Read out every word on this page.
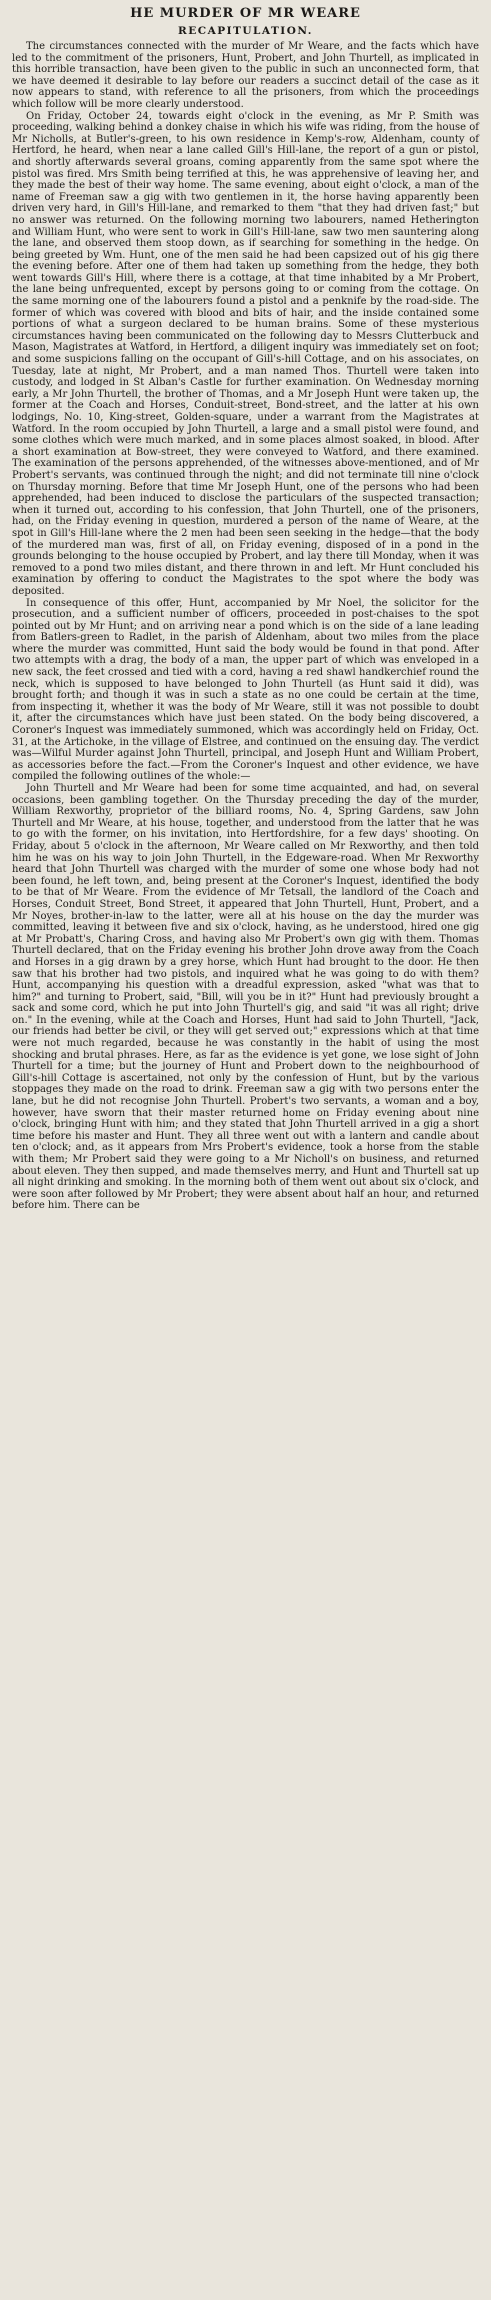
HE MURDER OF MR WEARE
RECAPITULATION.

The circumstances connected with the murder of Mr Weare, and the facts which have led to the commitment of the prisoners, Hunt, Probert, and John Thurtell, as implicated in this horrible transaction, have been given to the public in such an unconnected form, that we have deemed it desirable to lay before our readers a succinct detail of the case as it now appears to stand, with reference to all the prisoners, from which the proceedings which follow will be more clearly understood.

On Friday, October 24, towards eight o'clock in the evening, as Mr P. Smith was proceeding, walking behind a donkey chaise in which his wife was riding, from the house of Mr Nicholls, at Butler's-green, to his own residence in Kemp's-row, Aldenham, county of Hertford, he heard, when near a lane called Gill's Hill-lane, the report of a gun or pistol, and shortly afterwards several groans, coming apparently from the same spot where the pistol was fired. Mrs Smith being terrified at this, he was apprehensive of leaving her, and they made the best of their way home. The same evening, about eight o'clock, a man of the name of Freeman saw a gig with two gentlemen in it, the horse having apparently been driven very hard, in Gill's Hill-lane, and remarked to them "that they had driven fast;" but no answer was returned. On the following morning two labourers, named Hetherington and William Hunt, who were sent to work in Gill's Hill-lane, saw two men sauntering along the lane, and observed them stoop down, as if searching for something in the hedge. On being greeted by Wm. Hunt, one of the men said he had been capsized out of his gig there the evening before. After one of them had taken up something from the hedge, they both went towards Gill's Hill, where there is a cottage, at that time inhabited by a Mr Probert, the lane being unfrequented, except by persons going to or coming from the cottage. On the same morning one of the labourers found a pistol and a penknife by the road-side. The former of which was covered with blood and bits of hair, and the inside contained some portions of what a surgeon declared to be human brains. Some of these mysterious circumstances having been communicated on the following day to Messrs Clutterbuck and Mason, Magistrates at Watford, in Hertford, a diligent inquiry was immediately set on foot; and some suspicions falling on the occupant of Gill's-hill Cottage, and on his associates, on Tuesday, late at night, Mr Probert, and a man named Thos. Thurtell were taken into custody, and lodged in St Alban's Castle for further examination. On Wednesday morning early, a Mr John Thurtell, the brother of Thomas, and a Mr Joseph Hunt were taken up, the former at the Coach and Horses, Conduit-street, Bond-street, and the latter at his own lodgings, No. 10, King-street, Golden-square, under a warrant from the Magistrates at Watford. In the room occupied by John Thurtell, a large and a small pistol were found, and some clothes which were much marked, and in some places almost soaked, in blood. After a short examination at Bow-street, they were conveyed to Watford, and there examined. The examination of the persons apprehended, of the witnesses above-mentioned, and of Mr Probert's servants, was continued through the night; and did not terminate till nine o'clock on Thursday morning. Before that time Mr Joseph Hunt, one of the persons who had been apprehended, had been induced to disclose the particulars of the suspected transaction; when it turned out, according to his confession, that John Thurtell, one of the prisoners, had, on the Friday evening in question, murdered a person of the name of Weare, at the spot in Gill's Hill-lane where the 2 men had been seen seeking in the hedge—that the body of the murdered man was, first of all, on Friday evening, disposed of in a pond in the grounds belonging to the house occupied by Probert, and lay there till Monday, when it was removed to a pond two miles distant, and there thrown in and left. Mr Hunt concluded his examination by offering to conduct the Magistrates to the spot where the body was deposited.

In consequence of this offer, Hunt, accompanied by Mr Noel, the solicitor for the prosecution, and a sufficient number of officers, proceeded in post-chaises to the spot pointed out by Mr Hunt; and on arriving near a pond which is on the side of a lane leading from Batlers-green to Radlet, in the parish of Aldenham, about two miles from the place where the murder was committed, Hunt said the body would be found in that pond. After two attempts with a drag, the body of a man, the upper part of which was enveloped in a new sack, the feet crossed and tied with a cord, having a red shawl handkerchief round the neck, which is supposed to have belonged to John Thurtell (as Hunt said it did), was brought forth; and though it was in such a state as no one could be certain at the time, from inspecting it, whether it was the body of Mr Weare, still it was not possible to doubt it, after the circumstances which have just been stated. On the body being discovered, a Coroner's Inquest was immediately summoned, which was accordingly held on Friday, Oct. 31, at the Artichoke, in the village of Elstree, and continued on the ensuing day. The verdict was—Wilful Murder against John Thurtell, principal, and Joseph Hunt and William Probert, as accessories before the fact.—From the Coroner's Inquest and other evidence, we have compiled the following outlines of the whole:—

John Thurtell and Mr Weare had been for some time acquainted, and had, on several occasions, been gambling together. On the Thursday preceding the day of the murder, William Rexworthy, proprietor of the billiard rooms, No. 4, Spring Gardens, saw John Thurtell and Mr Weare, at his house, together, and understood from the latter that he was to go with the former, on his invitation, into Hertfordshire, for a few days' shooting. On Friday, about 5 o'clock in the afternoon, Mr Weare called on Mr Rexworthy, and then told him he was on his way to join John Thurtell, in the Edgeware-road. When Mr Rexworthy heard that John Thurtell was charged with the murder of some one whose body had not been found, he left town, and, being present at the Coroner's Inquest, identified the body to be that of Mr Weare. From the evidence of Mr Tetsall, the landlord of the Coach and Horses, Conduit Street, Bond Street, it appeared that John Thurtell, Hunt, Probert, and a Mr Noyes, brother-in-law to the latter, were all at his house on the day the murder was committed, leaving it between five and six o'clock, having, as he understood, hired one gig at Mr Probatt's, Charing Cross, and having also Mr Probert's own gig with them. Thomas Thurtell declared, that on the Friday evening his brother John drove away from the Coach and Horses in a gig drawn by a grey horse, which Hunt had brought to the door. He then saw that his brother had two pistols, and inquired what he was going to do with them? Hunt, accompanying his question with a dreadful expression, asked "what was that to him?" and turning to Probert, said, "Bill, will you be in it?" Hunt had previously brought a sack and some cord, which he put into John Thurtell's gig, and said "it was all right; drive on." In the evening, while at the Coach and Horses, Hunt had said to John Thurtell, "Jack, our friends had better be civil, or they will get served out;" expressions which at that time were not much regarded, because he was constantly in the habit of using the most shocking and brutal phrases. Here, as far as the evidence is yet gone, we lose sight of John Thurtell for a time; but the journey of Hunt and Probert down to the neighbourhood of Gill's-hill Cottage is ascertained, not only by the confession of Hunt, but by the various stoppages they made on the road to drink. Freeman saw a gig with two persons enter the lane, but he did not recognise John Thurtell. Probert's two servants, a woman and a boy, however, have sworn that their master returned home on Friday evening about nine o'clock, bringing Hunt with him; and they stated that John Thurtell arrived in a gig a short time before his master and Hunt. They all three went out with a lantern and candle about ten o'clock; and, as it appears from Mrs Probert's evidence, took a horse from the stable with them; Mr Probert said they were going to a Mr Nicholl's on business, and returned about eleven. They then supped, and made themselves merry, and Hunt and Thurtell sat up all night drinking and smoking. In the morning both of them went out about six o'clock, and were soon after followed by Mr Probert; they were absent about half an hour, and returned before him. There can be
